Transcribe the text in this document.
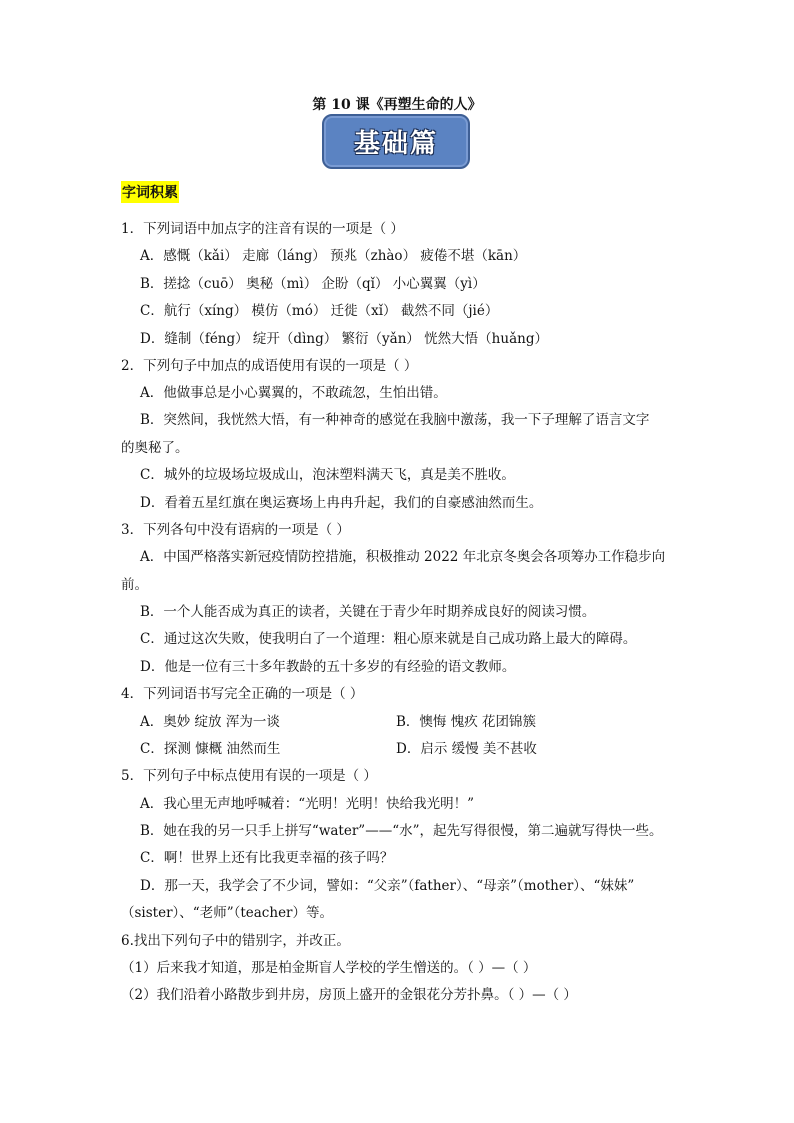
第 10 课《再塑生命的人》
基础篇
字词积累
1．下列词语中加点字的注音有误的一项是（ ）
A．感慨（kǎi） 走廊（láng） 预兆（zhào） 疲倦不堪（kān）
B．搓捻（cuō） 奥秘（mì） 企盼（qǐ） 小心翼翼（yì）
C．航行（xíng） 模仿（mó） 迁徙（xǐ） 截然不同（jié）
D．缝制（féng） 绽开（dìng） 繁衍（yǎn） 恍然大悟（huǎng）
2．下列句子中加点的成语使用有误的一项是（ ）
A．他做事总是小心翼翼的，不敢疏忽，生怕出错。
B．突然间，我恍然大悟，有一种神奇的感觉在我脑中激荡，我一下子理解了语言文字
的奥秘了。
C．城外的垃圾场垃圾成山，泡沫塑料满天飞，真是美不胜收。
D．看着五星红旗在奥运赛场上冉冉升起，我们的自豪感油然而生。
3．下列各句中没有语病的一项是（ ）
A．中国严格落实新冠疫情防控措施，积极推动 2022 年北京冬奥会各项筹办工作稳步向
前。
B．一个人能否成为真正的读者，关键在于青少年时期养成良好的阅读习惯。
C．通过这次失败，使我明白了一个道理：粗心原来就是自己成功路上最大的障碍。
D．他是一位有三十多年教龄的五十多岁的有经验的语文教师。
4．下列词语书写完全正确的一项是（ ）
A．奥妙 绽放 浑为一谈	B．懊悔 愧疚 花团锦簇
C．探测 慷概 油然而生	D．启示 缓慢 美不甚收
5．下列句子中标点使用有误的一项是（ ）
A．我心里无声地呼喊着：“光明！光明！快给我光明！”
B．她在我的另一只手上拼写“water”——“水”，起先写得很慢，第二遍就写得快一些。
C．啊！世界上还有比我更幸福的孩子吗？
D．那一天，我学会了不少词，譬如：“父亲”（father）、“母亲”（mother）、“妹妹”
（sister）、“老师”（teacher）等。
6.找出下列句子中的错别字，并改正。
（1）后来我才知道，那是柏金斯盲人学校的学生憎送的。（ ）—（ ）
（2）我们沿着小路散步到井房，房顶上盛开的金银花分芳扑鼻。（ ）—（ ）
